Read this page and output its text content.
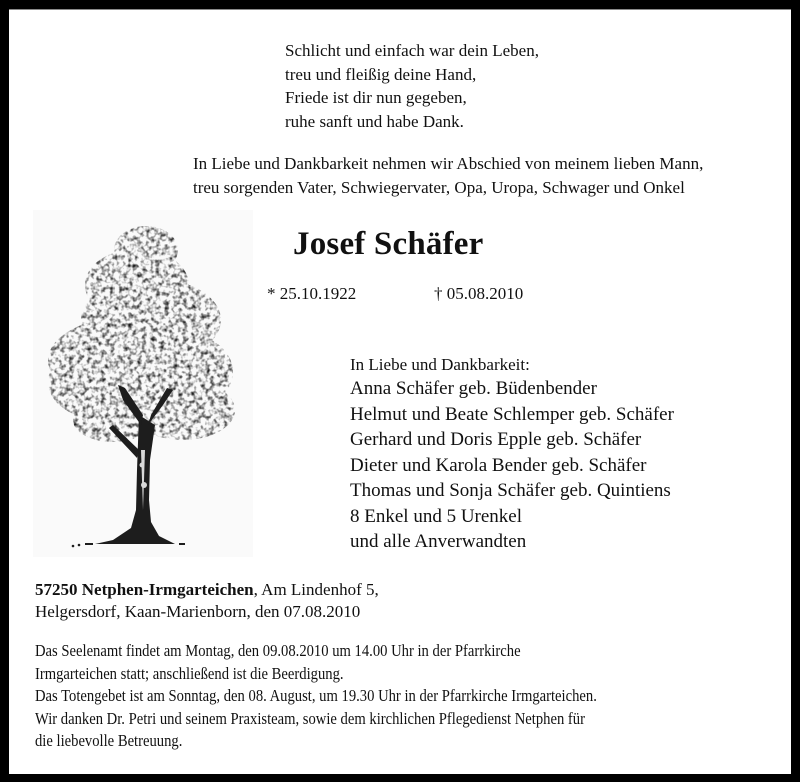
Schlicht und einfach war dein Leben,
treu und fleißig deine Hand,
Friede ist dir nun gegeben,
ruhe sanft und habe Dank.
In Liebe und Dankbarkeit nehmen wir Abschied von meinem lieben Mann,
treu sorgenden Vater, Schwiegervater, Opa, Uropa, Schwager und Onkel
Josef Schäfer
* 25.10.1922	† 05.08.2010
In Liebe und Dankbarkeit:
Anna Schäfer geb. Büdenbender
Helmut und Beate Schlemper geb. Schäfer
Gerhard und Doris Epple geb. Schäfer
Dieter und Karola Bender geb. Schäfer
Thomas und Sonja Schäfer geb. Quintiens
8 Enkel und 5 Urenkel
und alle Anverwandten
57250 Netphen-Irmgarteichen, Am Lindenhof 5,
Helgersdorf, Kaan-Marienborn, den 07.08.2010
Das Seelenamt findet am Montag, den 09.08.2010 um 14.00 Uhr in der Pfarrkirche
Irmgarteichen statt; anschließend ist die Beerdigung.
Das Totengebet ist am Sonntag, den 08. August, um 19.30 Uhr in der Pfarrkirche Irmgarteichen.
Wir danken Dr. Petri und seinem Praxisteam, sowie dem kirchlichen Pflegedienst Netphen für
die liebevolle Betreuung.
